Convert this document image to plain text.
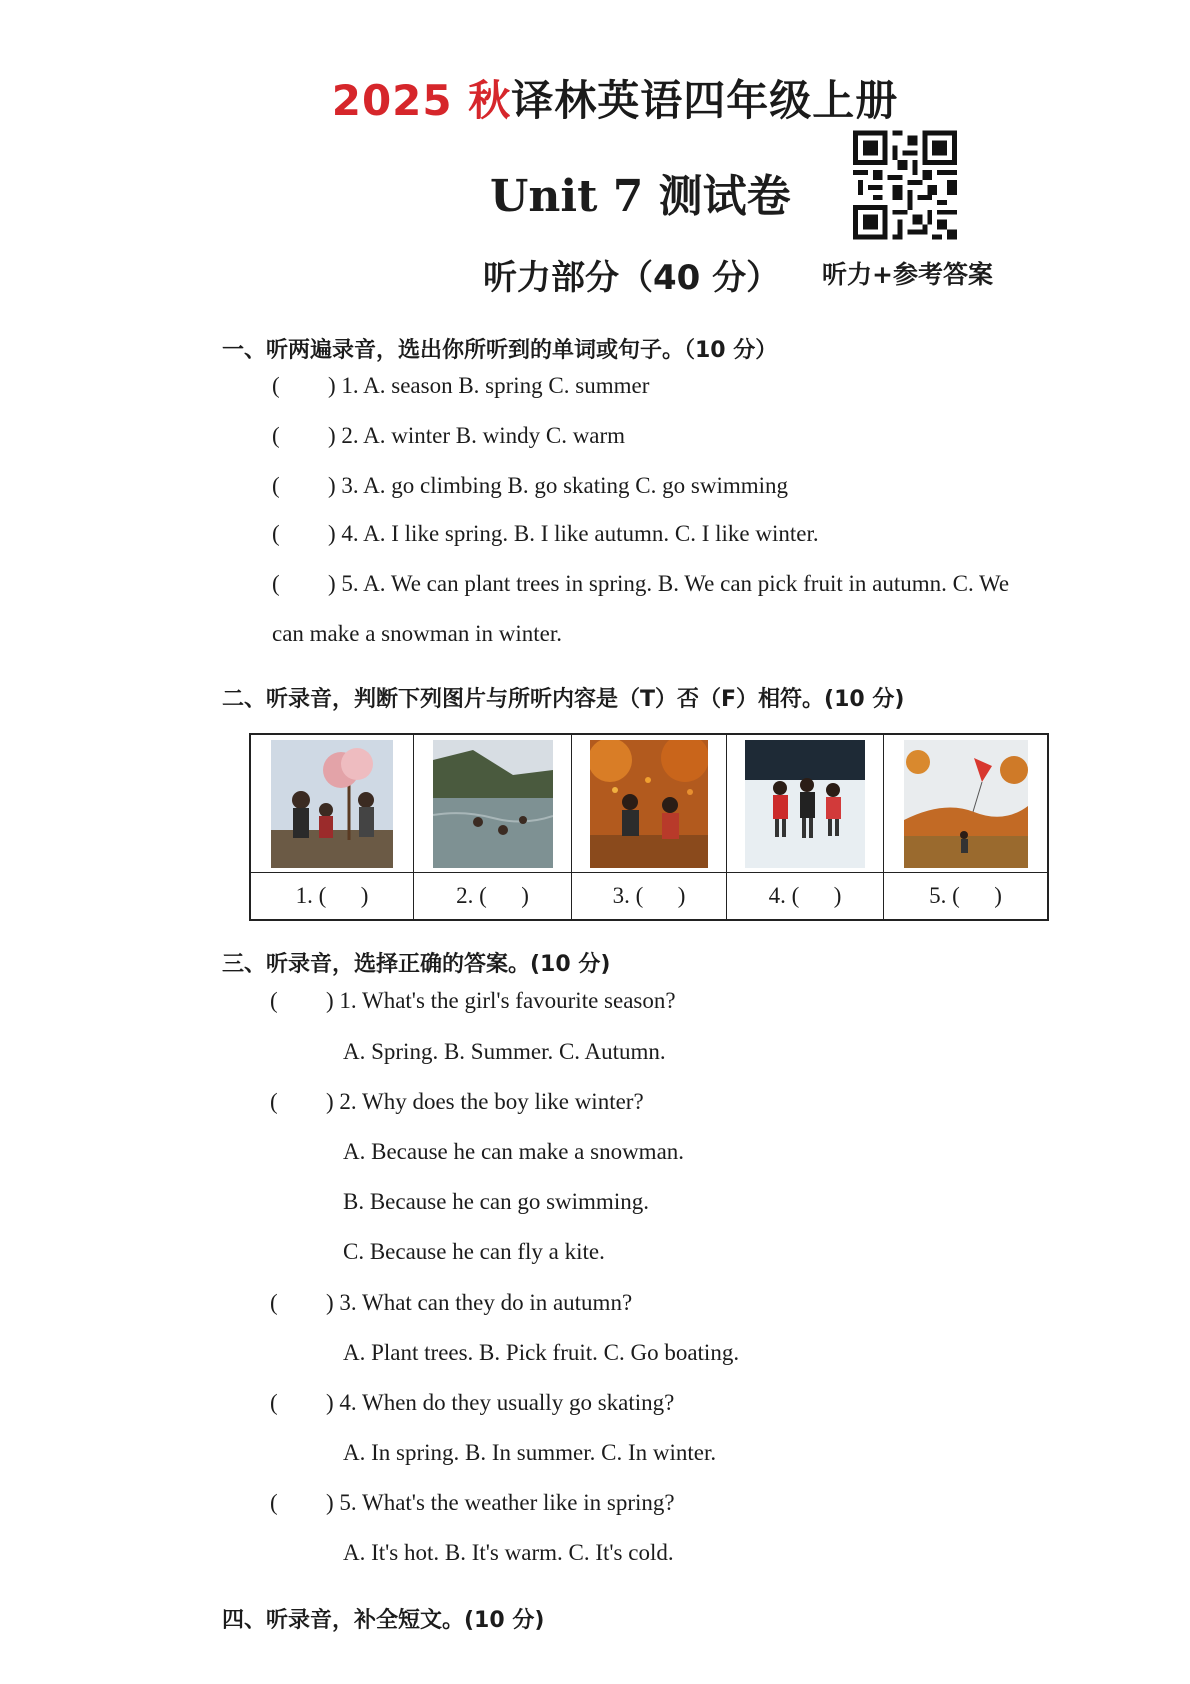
2025 秋译林英语四年级上册
Unit 7 测试卷
听力部分（40 分） 听力+参考答案
一、听两遍录音，选出你所听到的单词或句子。（10 分）
( ) 1. A. season B. spring C. summer
( ) 2. A. winter B. windy C. warm
( ) 3. A. go climbing B. go skating C. go swimming
( ) 4. A. I like spring. B. I like autumn. C. I like winter.
( ) 5. A. We can plant trees in spring. B. We can pick fruit in autumn. C. We
can make a snowman in winter.
二、听录音，判断下列图片与所听内容是（T）否（F）相符。(10 分)
1. (      )	2. (      )	3. (      )	4. (      )	5. (      )
三、听录音，选择正确的答案。(10 分)
( ) 1. What's the girl's favourite season?
A. Spring. B. Summer. C. Autumn.
( ) 2. Why does the boy like winter?
A. Because he can make a snowman.
B. Because he can go swimming.
C. Because he can fly a kite.
( ) 3. What can they do in autumn?
A. Plant trees. B. Pick fruit. C. Go boating.
( ) 4. When do they usually go skating?
A. In spring. B. In summer. C. In winter.
( ) 5. What's the weather like in spring?
A. It's hot. B. It's warm. C. It's cold.
四、听录音，补全短文。(10 分)
